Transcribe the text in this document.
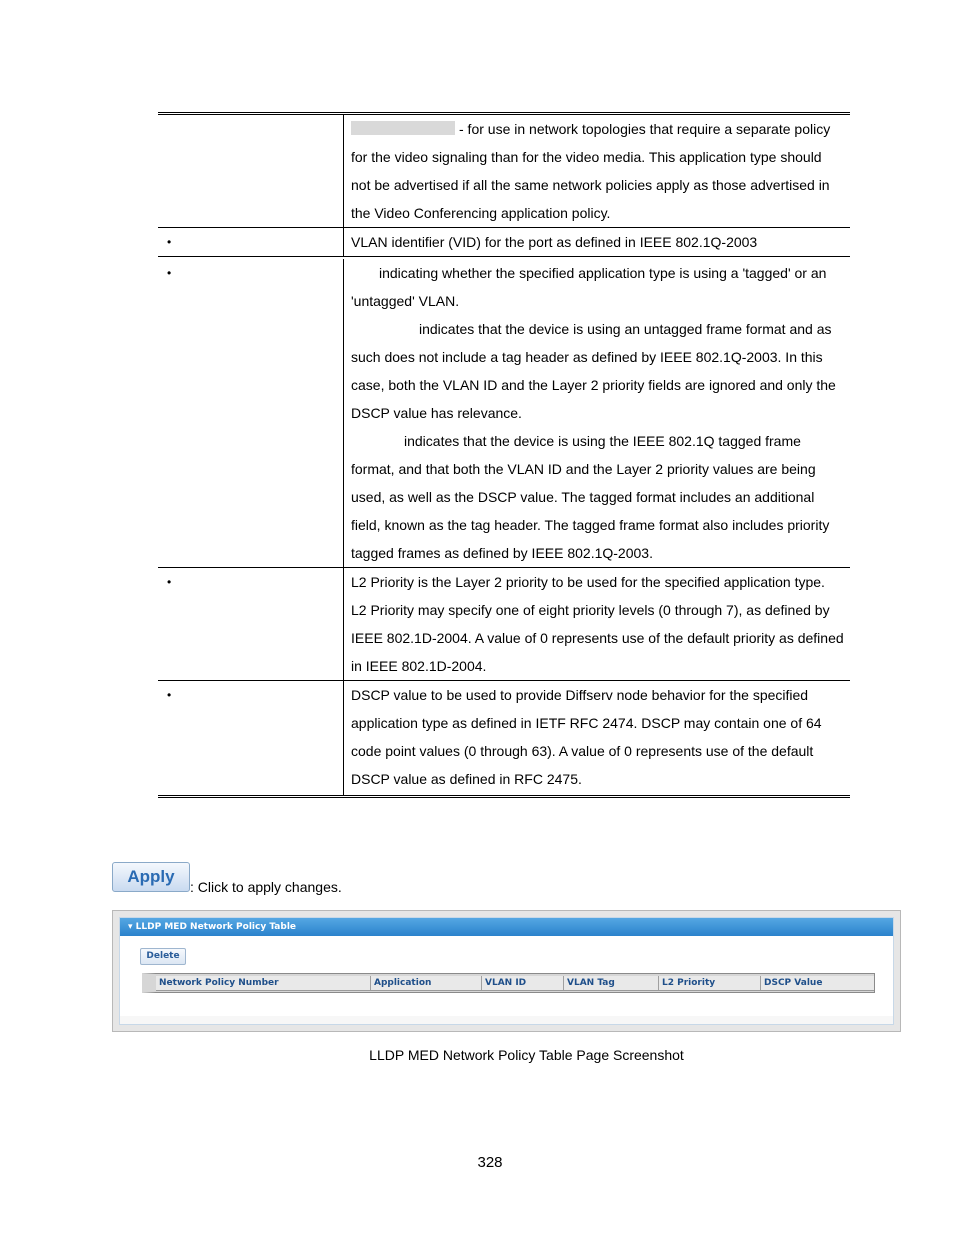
- for use in network topologies that require a separate policy for the video signaling than for the video media. This application type should not be advertised if all the same network policies apply as those advertised in the Video Conferencing application policy.

•	VLAN identifier (VID) for the port as defined in IEEE 802.1Q-2003

•	indicating whether the specified application type is using a 'tagged' or an 'untagged' VLAN.

indicates that the device is using an untagged frame format and as such does not include a tag header as defined by IEEE 802.1Q-2003. In this case, both the VLAN ID and the Layer 2 priority fields are ignored and only the DSCP value has relevance.

indicates that the device is using the IEEE 802.1Q tagged frame format, and that both the VLAN ID and the Layer 2 priority values are being used, as well as the DSCP value. The tagged format includes an additional field, known as the tag header. The tagged frame format also includes priority tagged frames as defined by IEEE 802.1Q-2003.

•	L2 Priority is the Layer 2 priority to be used for the specified application type. L2 Priority may specify one of eight priority levels (0 through 7), as defined by IEEE 802.1D-2004. A value of 0 represents use of the default priority as defined in IEEE 802.1D-2004.

•	DSCP value to be used to provide Diffserv node behavior for the specified application type as defined in IETF RFC 2474. DSCP may contain one of 64 code point values (0 through 63). A value of 0 represents use of the default DSCP value as defined in RFC 2475.

Apply: Click to apply changes.
▾ LLDP MED Network Policy Table
Delete
Network Policy Number	Application	VLAN ID	VLAN Tag	L2 Priority	DSCP Value
LLDP MED Network Policy Table Page Screenshot
328
